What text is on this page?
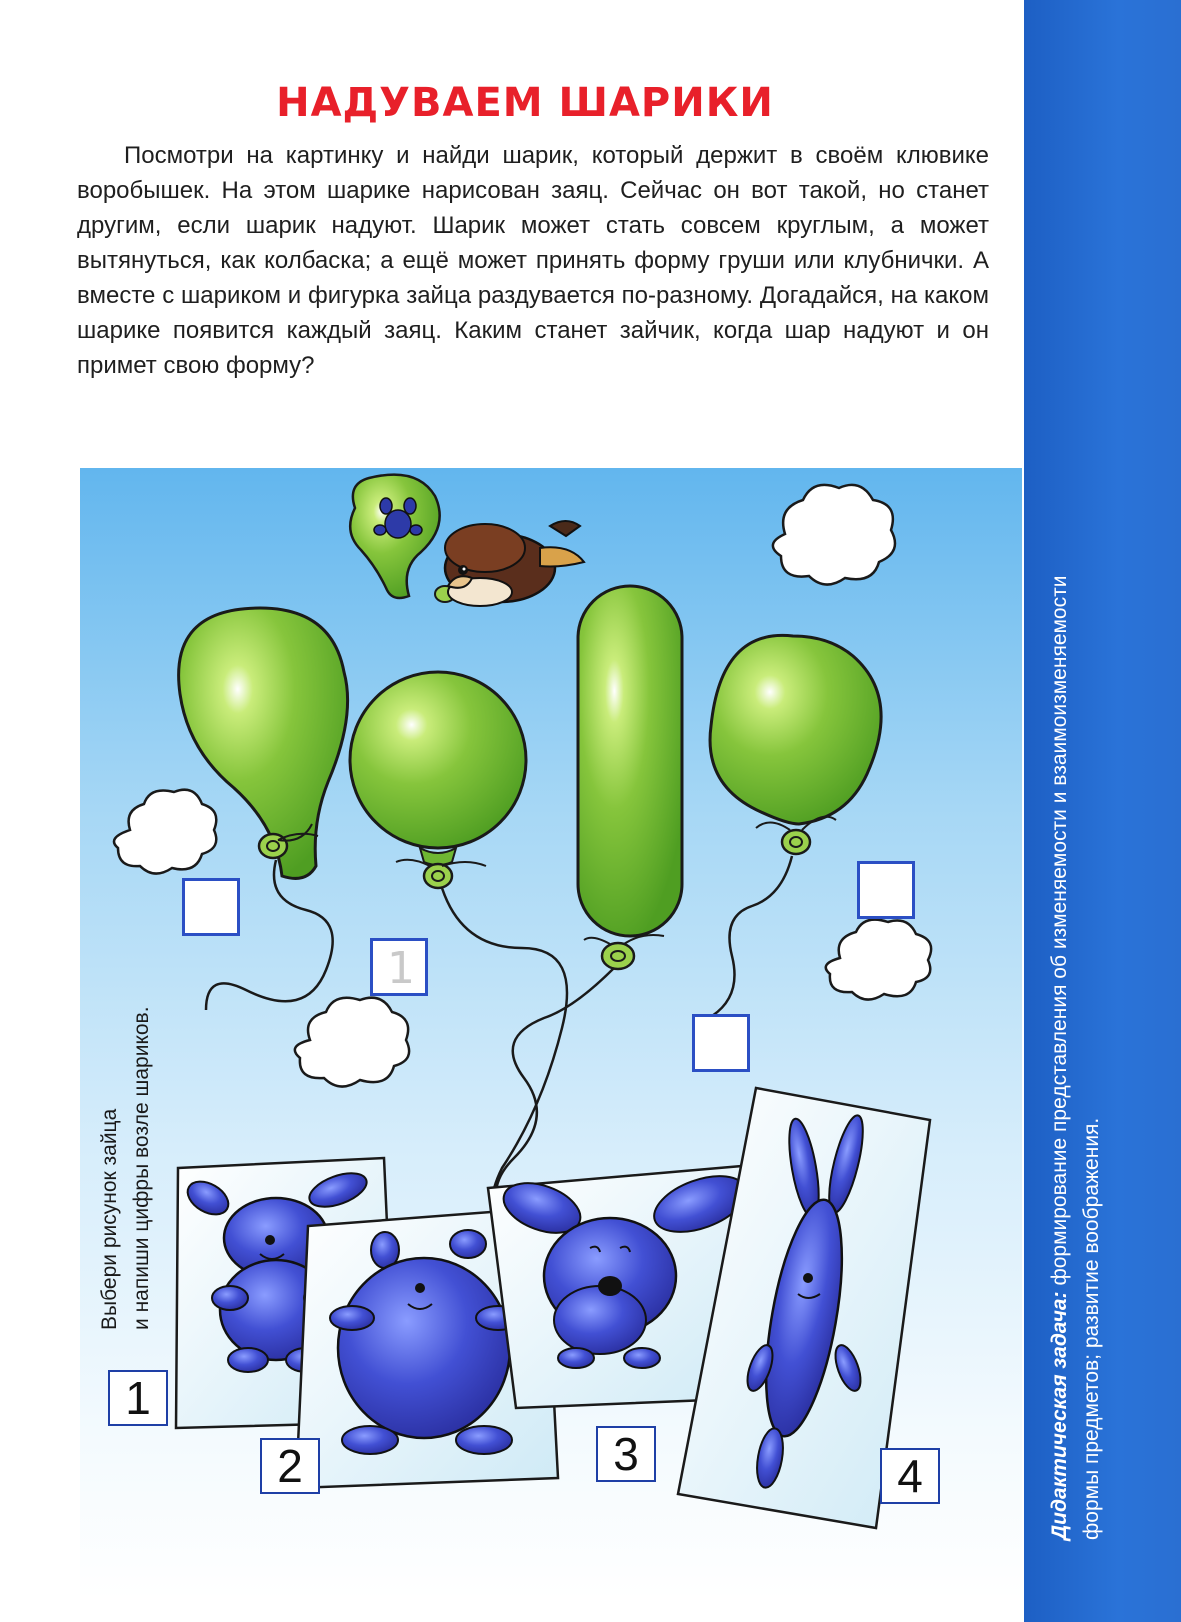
НАДУВАЕМ ШАРИКИ
Посмотри на картинку и найди шарик, который держит в своём клювике воробышек. На этом шарике нарисован заяц. Сейчас он вот такой, но станет другим, если шарик надуют. Шарик может стать совсем круглым, а может вытянуться, как колбаска; а ещё может принять форму груши или клубнички. А вместе с шариком и фигурка зайца раздувается по-разному. Догадайся, на каком шарике появится каждый заяц. Каким станет зайчик, когда шар надуют и он примет свою форму?
Дидактическая задача: формирование представления об изменяемости и взаимоизменяемости
формы предметов; развитие воображения.
1
1
2	3	4
Выбери рисунок зайца и напиши цифры возле шариков.
